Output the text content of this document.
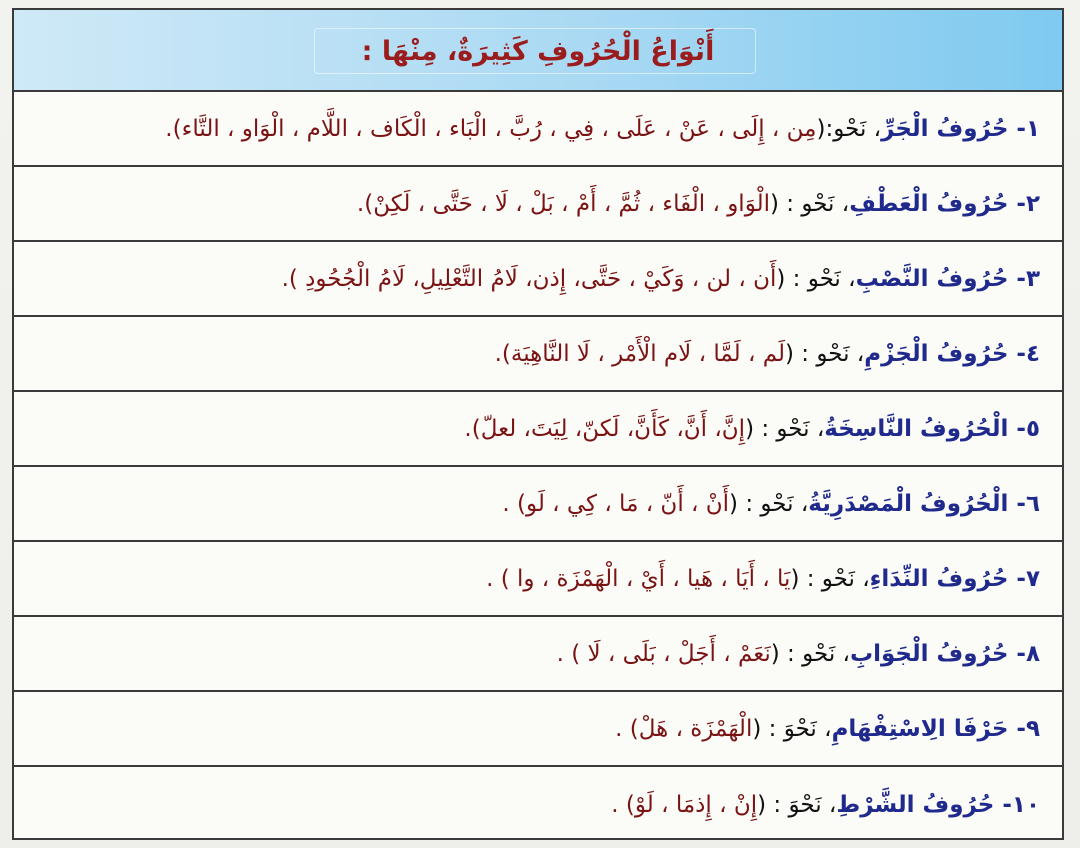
أَنْوَاعُ الْحُرُوفِ كَثِيرَةٌ، مِنْهَا :
١-
حُرُوفُ الْجَرِّ
، نَحْو:(
مِن ، إِلَى ، عَنْ ، عَلَى ، فِي ، رُبَّ ، الْبَاء ، الْكَاف ، اللَّام ، الْوَاو ، التَّاء).
٢-
حُرُوفُ الْعَطْفِ
، نَحْو : (
الْوَاو ، الْفَاء ، ثُمَّ ، أَمْ ، بَلْ ، لَا ، حَتَّى ، لَكِنْ).
٣-
حُرُوفُ النَّصْبِ
، نَحْو : (
أَن ، لن ، وَكَيْ ، حَتَّى، إِذن، لَامُ التَّعْلِيلِ، لَامُ الْجُحُودِ ).
٤-
حُرُوفُ الْجَزْمِ
، نَحْو : (
لَم ، لَمَّا ، لَام الْأَمْر ، لَا النَّاهِيَة).
٥-
الْحُرُوفُ النَّاسِخَةُ
، نَحْو : (
إِنَّ، أَنَّ، كَأَنَّ، لَكنّ، لِيَتَ، لعلّ).
٦-
الْحُرُوفُ الْمَصْدَرِيَّةُ
، نَحْو : (
أَنْ ، أَنّ ، مَا ، كِي ، لَو) .
٧-
حُرُوفُ النِّدَاءِ
، نَحْو : (
يَا ، أَيَا ، هَيا ، أَيْ ، الْهَمْزَة ، وا ) .
٨-
حُرُوفُ الْجَوَابِ
، نَحْو : (
نَعَمْ ، أَجَلْ ، بَلَى ، لَا ) .
٩-
حَرْفَا الِاسْتِفْهَامِ
، نَحْوَ : (
الْهَمْزَة ، هَلْ) .
١٠-
حُرُوفُ الشَّرْطِ
، نَحْوَ : (
إِنْ ، إِذمَا ، لَوْ) .
